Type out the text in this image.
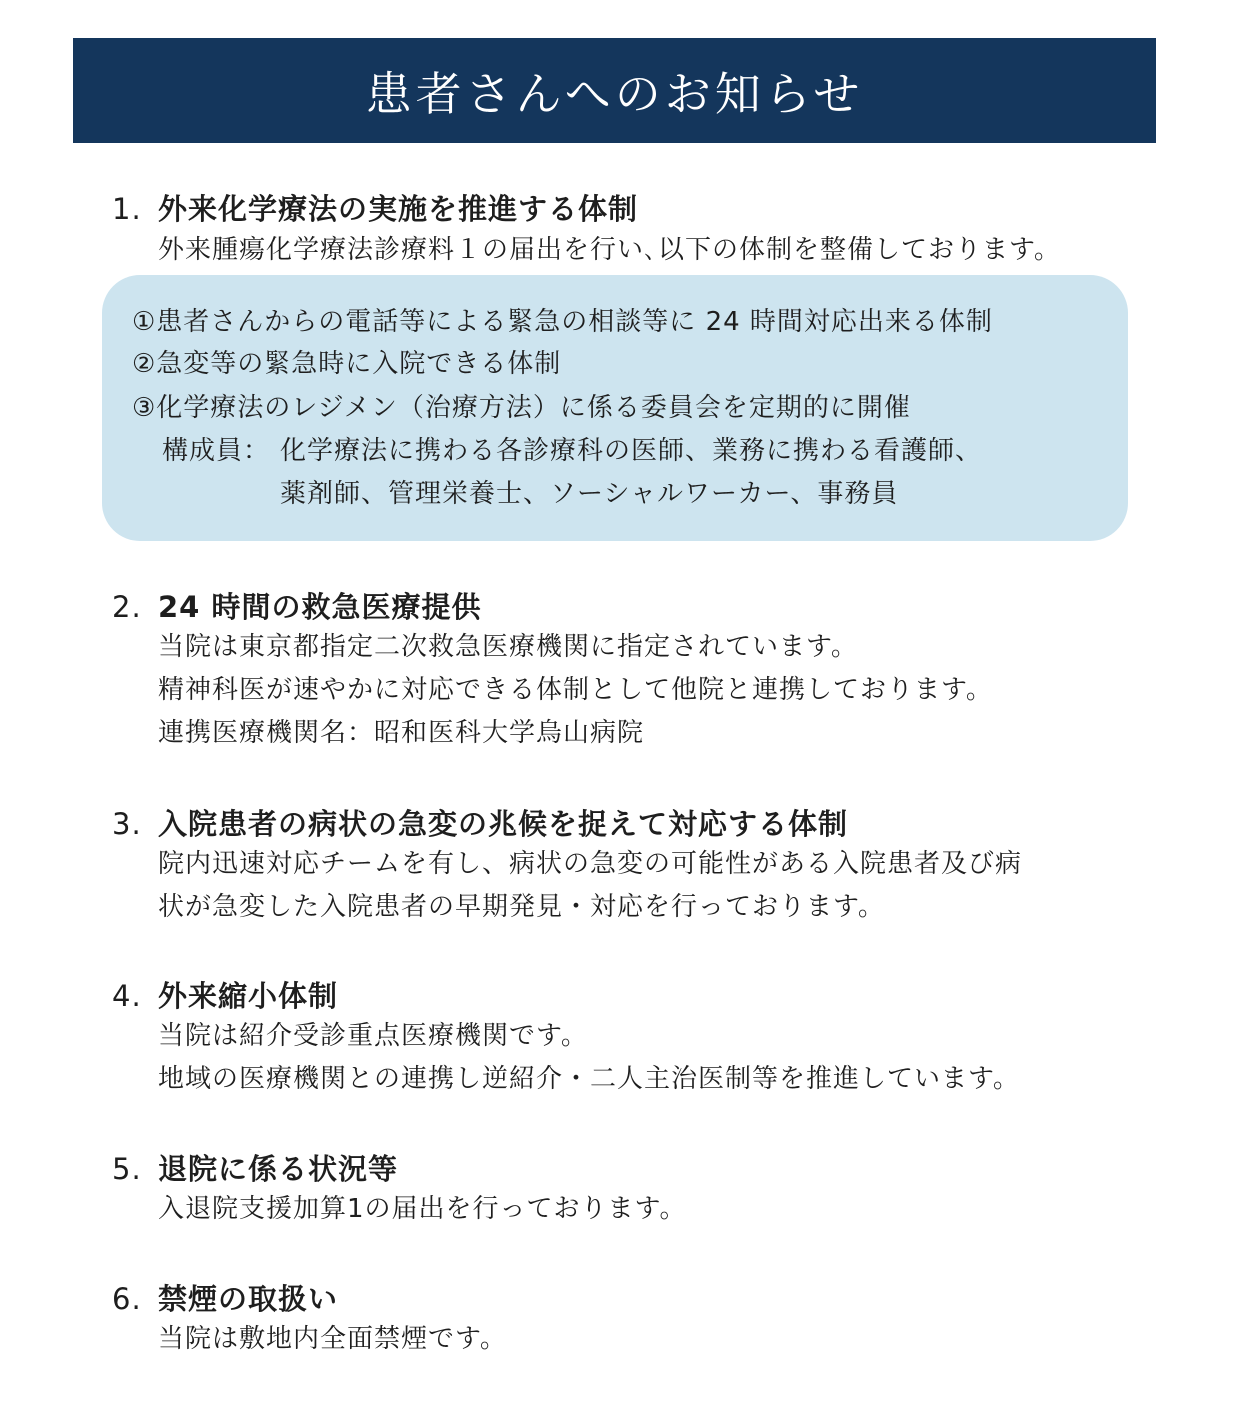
患者さんへのお知らせ
1. 外来化学療法の実施を推進する体制
外来腫瘍化学療法診療料１の届出を行い､以下の体制を整備しております。
①患者さんからの電話等による緊急の相談等に 24 時間対応出来る体制
②急変等の緊急時に入院できる体制
③化学療法のレジメン（治療方法）に係る委員会を定期的に開催
構成員： 化学療法に携わる各診療科の医師、業務に携わる看護師、
薬剤師、管理栄養士、ソーシャルワーカー、事務員
2. 24 時間の救急医療提供
当院は東京都指定二次救急医療機関に指定されています。
精神科医が速やかに対応できる体制として他院と連携しております。
連携医療機関名：昭和医科大学烏山病院
3. 入院患者の病状の急変の兆候を捉えて対応する体制
院内迅速対応チームを有し、病状の急変の可能性がある入院患者及び病
状が急変した入院患者の早期発見・対応を行っております。
4. 外来縮小体制
当院は紹介受診重点医療機関です。
地域の医療機関との連携し逆紹介・二人主治医制等を推進しています。
5. 退院に係る状況等
入退院支援加算1の届出を行っております。
6. 禁煙の取扱い
当院は敷地内全面禁煙です。
